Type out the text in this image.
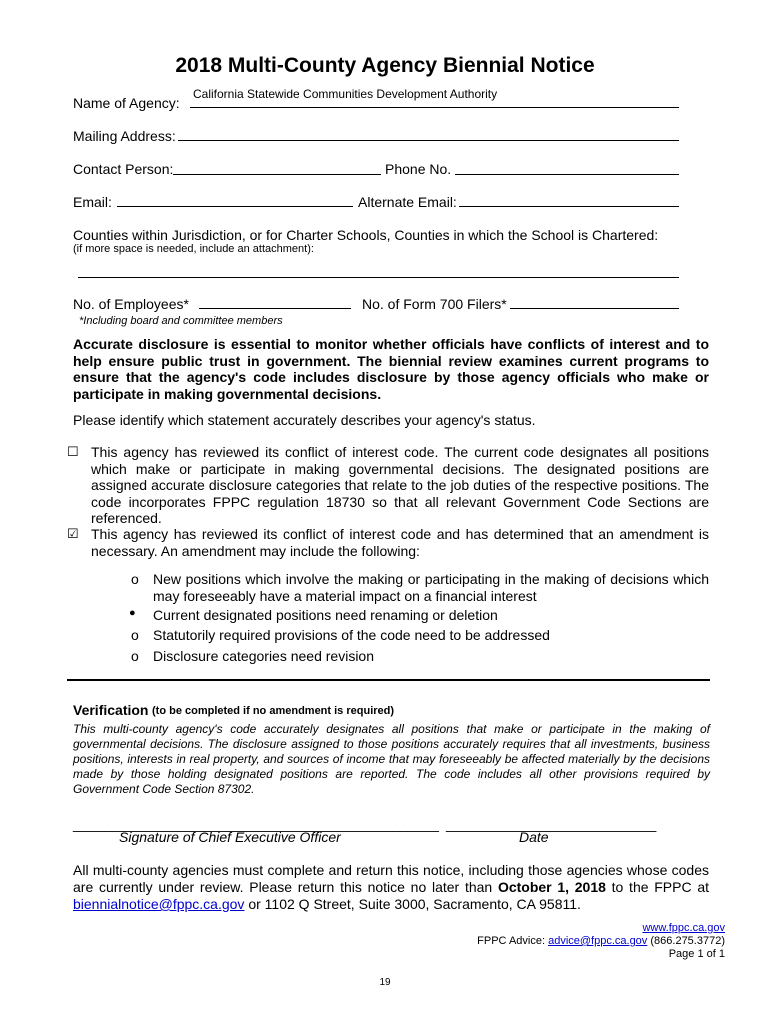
2018 Multi-County Agency Biennial Notice
Name of Agency:
California Statewide Communities Development Authority
Mailing Address:
Contact Person:	Phone No.
Email:	Alternate Email:
Counties within Jurisdiction, or for Charter Schools, Counties in which the School is Chartered:
(if more space is needed, include an attachment):
No. of Employees*	No. of Form 700 Filers*
*Including board and committee members
Accurate disclosure is essential to monitor whether officials have conflicts of interest and to help ensure public trust in government. The biennial review examines current programs to ensure that the agency's code includes disclosure by those agency officials who make or participate in making governmental decisions.
Please identify which statement accurately describes your agency's status.
☐ This agency has reviewed its conflict of interest code. The current code designates all positions which make or participate in making governmental decisions. The designated positions are assigned accurate disclosure categories that relate to the job duties of the respective positions. The code incorporates FPPC regulation 18730 so that all relevant Government Code Sections are referenced.
☑ This agency has reviewed its conflict of interest code and has determined that an amendment is necessary. An amendment may include the following:
o New positions which involve the making or participating in the making of decisions which may foreseeably have a material impact on a financial interest
● Current designated positions need renaming or deletion
o Statutorily required provisions of the code need to be addressed
o Disclosure categories need revision
Verification (to be completed if no amendment is required)
This multi-county agency's code accurately designates all positions that make or participate in the making of governmental decisions. The disclosure assigned to those positions accurately requires that all investments, business positions, interests in real property, and sources of income that may foreseeably be affected materially by the decisions made by those holding designated positions are reported. The code includes all other provisions required by Government Code Section 87302.
_______________________________________________
Signature of Chief Executive Officer
___________________________
Date
All multi-county agencies must complete and return this notice, including those agencies whose codes are currently under review. Please return this notice no later than October 1, 2018 to the FPPC at biennialnotice@fppc.ca.gov or 1102 Q Street, Suite 3000, Sacramento, CA 95811.
www.fppc.ca.gov
FPPC Advice: advice@fppc.ca.gov (866.275.3772)
Page 1 of 1
19
